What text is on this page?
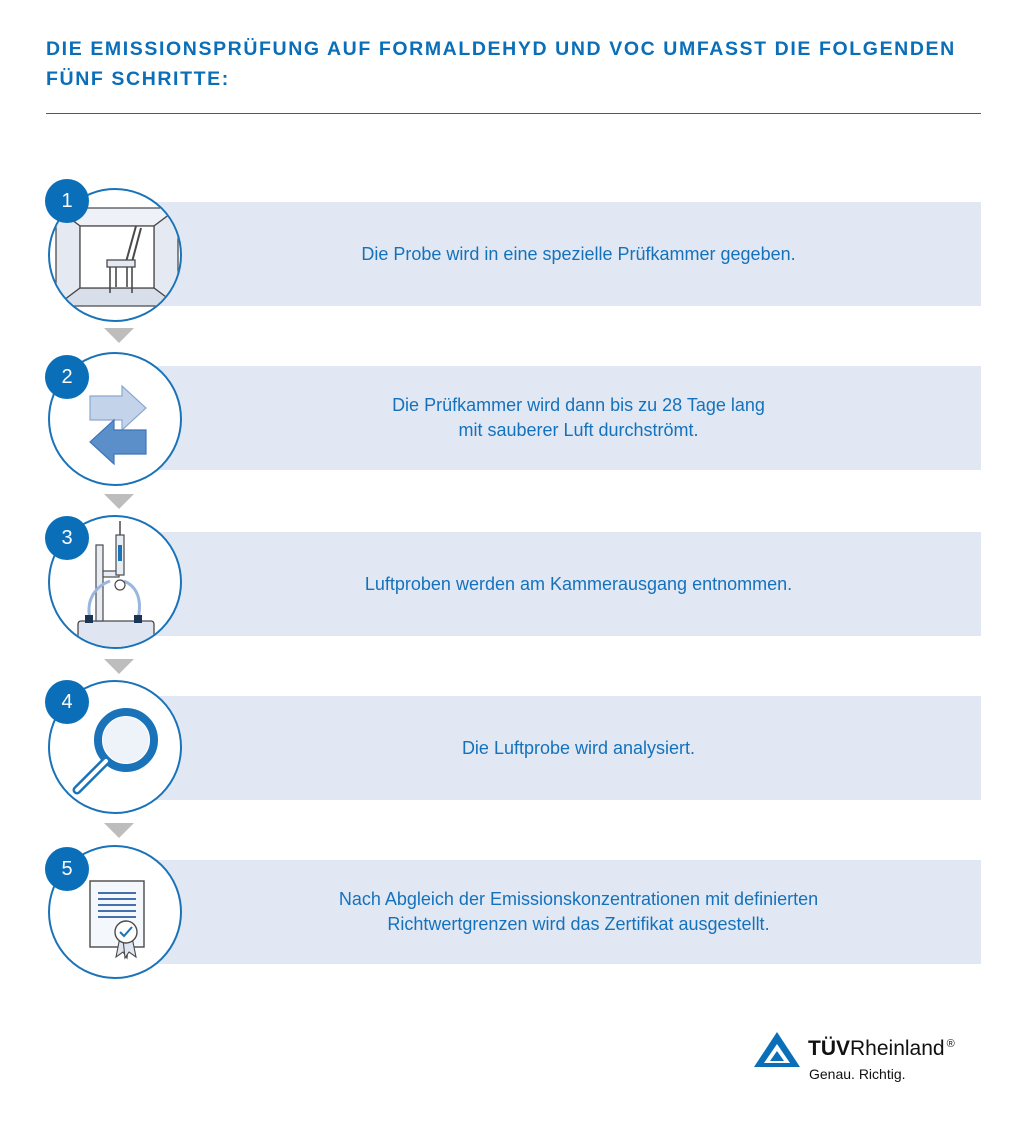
DIE EMISSIONSPRÜFUNG AUF FORMALDEHYD UND VOC UMFASST DIE FOLGENDEN FÜNF SCHRITTE:
Die Probe wird in eine spezielle Prüfkammer gegeben.
1
Die Prüfkammer wird dann bis zu 28 Tage lang
mit sauberer Luft durchströmt.
2
Luftproben werden am Kammerausgang entnommen.
3
Die Luftprobe wird analysiert.
4
Nach Abgleich der Emissionskonzentrationen mit definierten
Richtwertgrenzen wird das Zertifikat ausgestellt.
5
TÜVRheinland ®
Genau. Richtig.
